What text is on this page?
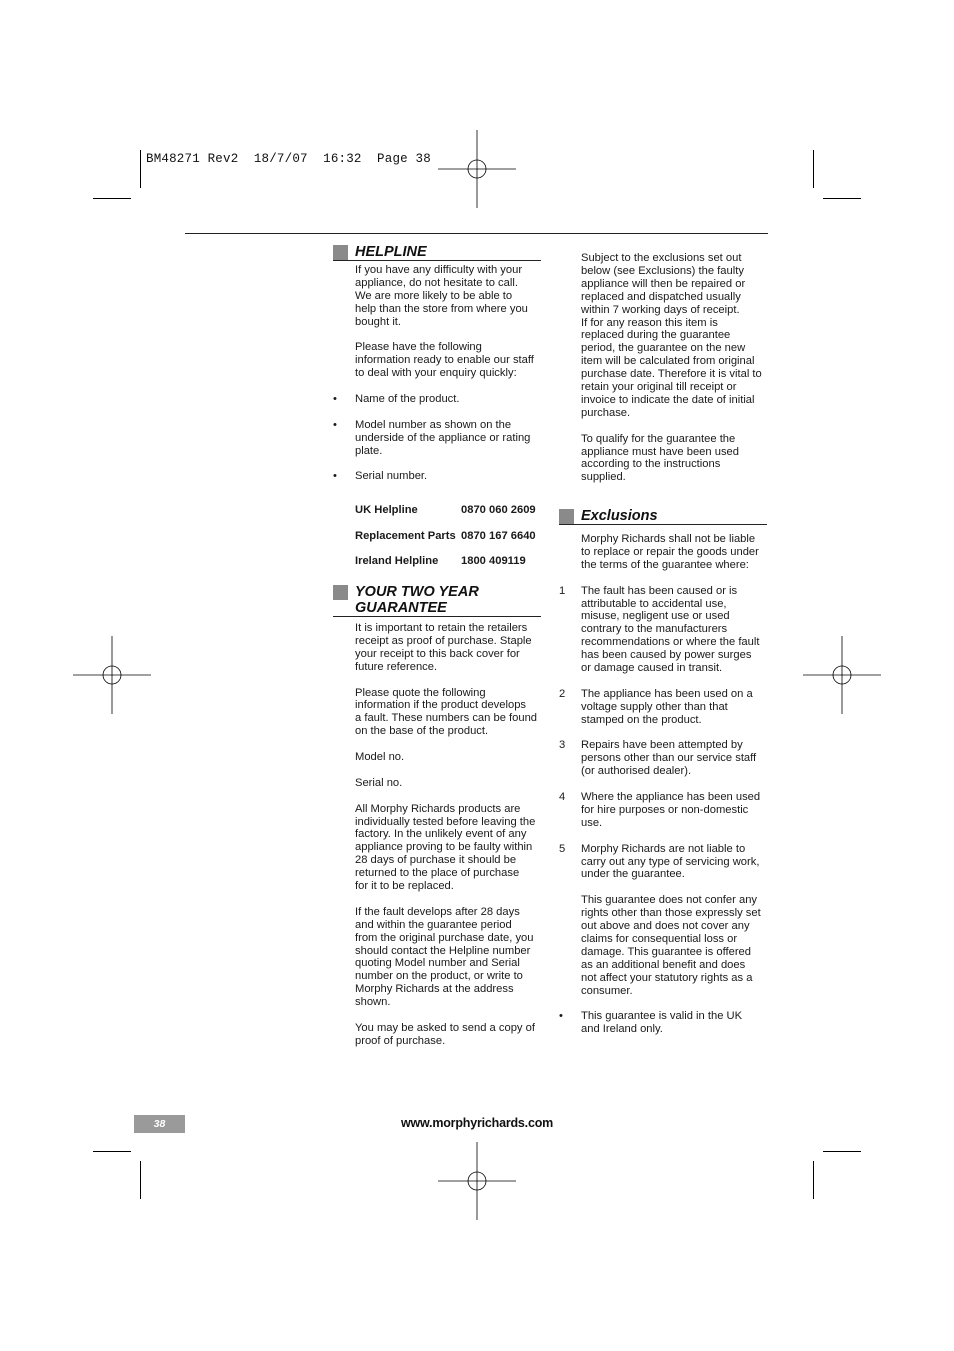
BM48271 Rev2  18/7/07  16:32  Page 38
HELPLINE

If you have any difficulty with your
appliance, do not hesitate to call.
We are more likely to be able to
help than the store from where you
bought it.

Please have the following
information ready to enable our staff
to deal with your enquiry quickly:

•	Name of the product.

•	Model number as shown on the
underside of the appliance or rating
plate.

•	Serial number.

UK Helpline	0870 060 2609
Replacement Parts 0870 167 6640
Ireland Helpline	1800 409119
YOUR TWO YEAR
GUARANTEE

It is important to retain the retailers
receipt as proof of purchase. Staple
your receipt to this back cover for
future reference.

Please quote the following
information if the product develops
a fault. These numbers can be found
on the base of the product.

Model no.

Serial no.

All Morphy Richards products are
individually tested before leaving the
factory. In the unlikely event of any
appliance proving to be faulty within
28 days of purchase it should be
returned to the place of purchase
for it to be replaced.

If the fault develops after 28 days
and within the guarantee period
from the original purchase date, you
should contact the Helpline number
quoting Model number and Serial
number on the product, or write to
Morphy Richards at the address
shown.

You may be asked to send a copy of
proof of purchase.

Subject to the exclusions set out
below (see Exclusions) the faulty
appliance will then be repaired or
replaced and dispatched usually
within 7 working days of receipt.
If for any reason this item is
replaced during the guarantee
period, the guarantee on the new
item will be calculated from original
purchase date. Therefore it is vital to
retain your original till receipt or
invoice to indicate the date of initial
purchase.

To qualify for the guarantee the
appliance must have been used
according to the instructions
supplied.

Exclusions

Morphy Richards shall not be liable
to replace or repair the goods under
the terms of the guarantee where:

1	The fault has been caused or is
attributable to accidental use,
misuse, negligent use or used
contrary to the manufacturers
recommendations or where the fault
has been caused by power surges
or damage caused in transit.

2	The appliance has been used on a
voltage supply other than that
stamped on the product.

3	Repairs have been attempted by
persons other than our service staff
(or authorised dealer).

4	Where the appliance has been used
for hire purposes or non-domestic
use.

5	Morphy Richards are not liable to
carry out any type of servicing work,
under the guarantee.

This guarantee does not confer any
rights other than those expressly set
out above and does not cover any
claims for consequential loss or
damage. This guarantee is offered
as an additional benefit and does
not affect your statutory rights as a
consumer.

•	This guarantee is valid in the UK
and Ireland only.

38	www.morphyrichards.com
